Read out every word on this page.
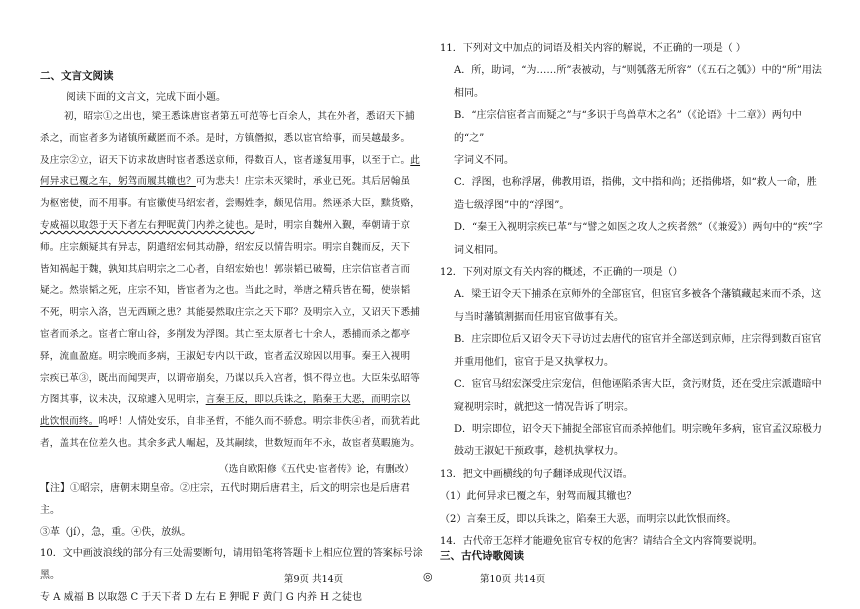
二、文言文阅读
阅读下面的文言文，完成下面小题。

初，昭宗①之出也，梁王悉诛唐宦者第五可范等七百余人，其在外者，悉诏天下捕

杀之，而宦者多为诸镇所藏匿而不杀。是时，方镇僭拟，悉以宦官给事，而吴越最多。

及庄宗②立，诏天下访求故唐时宦者悉送京师，得数百人，宦者遂复用事，以至于亡。此

何异求已覆之车，躬驾而履其辙也？可为悲夫！庄宗未灭梁时，承业已死。其后居翰虽

为枢密使，而不用事。有宦徽使马绍宏者，尝赐姓李，颇见信用。然诬杀大臣，黩货赂，

专威福以取怨于天下者左右狎昵黄门内养之徒也。是时，明宗自魏州入觐，奉朝请于京

师。庄宗颇疑其有异志，阴遣绍宏伺其动静，绍宏反以情告明宗。明宗自魏而反，天下

皆知祸起于魏，孰知其启明宗之二心者，自绍宏始也！郭崇韬已破蜀，庄宗信宦者言而

疑之。然崇韬之死，庄宗不知，皆宦者为之也。当此之时，举唐之精兵皆在蜀，使崇韬

不死，明宗入洛，岂无西顾之患？其能晏然取庄宗之天下耶？及明宗入立，又诏天下悉捕

宦者而杀之。宦者亡窜山谷，多削发为浮图。其亡至太原者七十余人，悉捕而杀之都亭

驿，流血盈庭。明宗晚而多病，王淑妃专内以干政，宦者孟汉琼因以用事。秦王入视明

宗疾已革③，既出而闻哭声，以谓帝崩矣，乃谋以兵入宫者，惧不得立也。大臣朱弘昭等

方图其事，议未决，汉琼遽入见明宗，言秦王反，即以兵诛之，陷秦王大恶，而明宗以

此饮恨而终。呜呼！人情处安乐，自非圣哲，不能久而不骄怠。明宗非佚④者，而犹若此

者，盖其在位差久也。其余多武人崛起，及其嗣续，世数短而年不永，故宦者莫暇施为。

（选自欧阳修《五代史·宦者传》论，有删改）

【注】①昭宗，唐朝末期皇帝。②庄宗，五代时期后唐君主，后文的明宗也是后唐君主。

③革（jí），急，重。④佚，放纵。

10．文中画波浪线的部分有三处需要断句，请用铅笔将答题卡上相应位置的答案标号涂

黑。

专 A 威福 B 以取怨 C 于天下者 D 左右 E 狎昵 F 黄门 G 内养 H 之徒也

第9页 共14页	◎

11．下列对文中加点的词语及相关内容的解说，不正确的一项是（ ）

A．所，助词，“为……所”表被动，与“则瓠落无所容”（《五石之瓠》）中的“所”用法

相同。

B．“庄宗信宦者言而疑之”与“多识于鸟兽草木之名”（《论语》十二章》）两句中的“之”

字词义不同。

C．浮图，也称浮屠，佛教用语，指佛，文中指和尚；还指佛塔，如“救人一命，胜

造七级浮图”中的“浮图”。

D．“秦王入视明宗疾已革”与“譬之如医之攻人之疾者然”（《兼爱》）两句中的“疾”字

词义相同。

12．下列对原文有关内容的概述，不正确的一项是（）

A．梁王诏令天下捕杀在京师外的全部宦官，但宦官多被各个藩镇藏起来而不杀，这

与当时藩镇割据而任用宦官做事有关。

B．庄宗即位后又诏令天下寻访过去唐代的宦官并全部送到京师，庄宗得到数百宦官

并重用他们，宦官于是又执掌权力。

C．宦官马绍宏深受庄宗宠信，但他诬陷杀害大臣，贪污财货，还在受庄宗派遣暗中

窥视明宗时，就把这一情况告诉了明宗。

D．明宗即位，诏令天下捕捉全部宦官而杀掉他们。明宗晚年多病，宦官孟汉琼极力

鼓动王淑妃干预政事，趁机执掌权力。

13．把文中画横线的句子翻译成现代汉语。

（1）此何异求已覆之车，射驾而履其辙也？

（2）言秦王反，即以兵诛之，陷秦王大恶，而明宗以此饮恨而终。

14．古代帝王怎样才能避免宦官专权的危害？请结合全文内容简要说明。

第10页 共14页
三、古代诗歌阅读
